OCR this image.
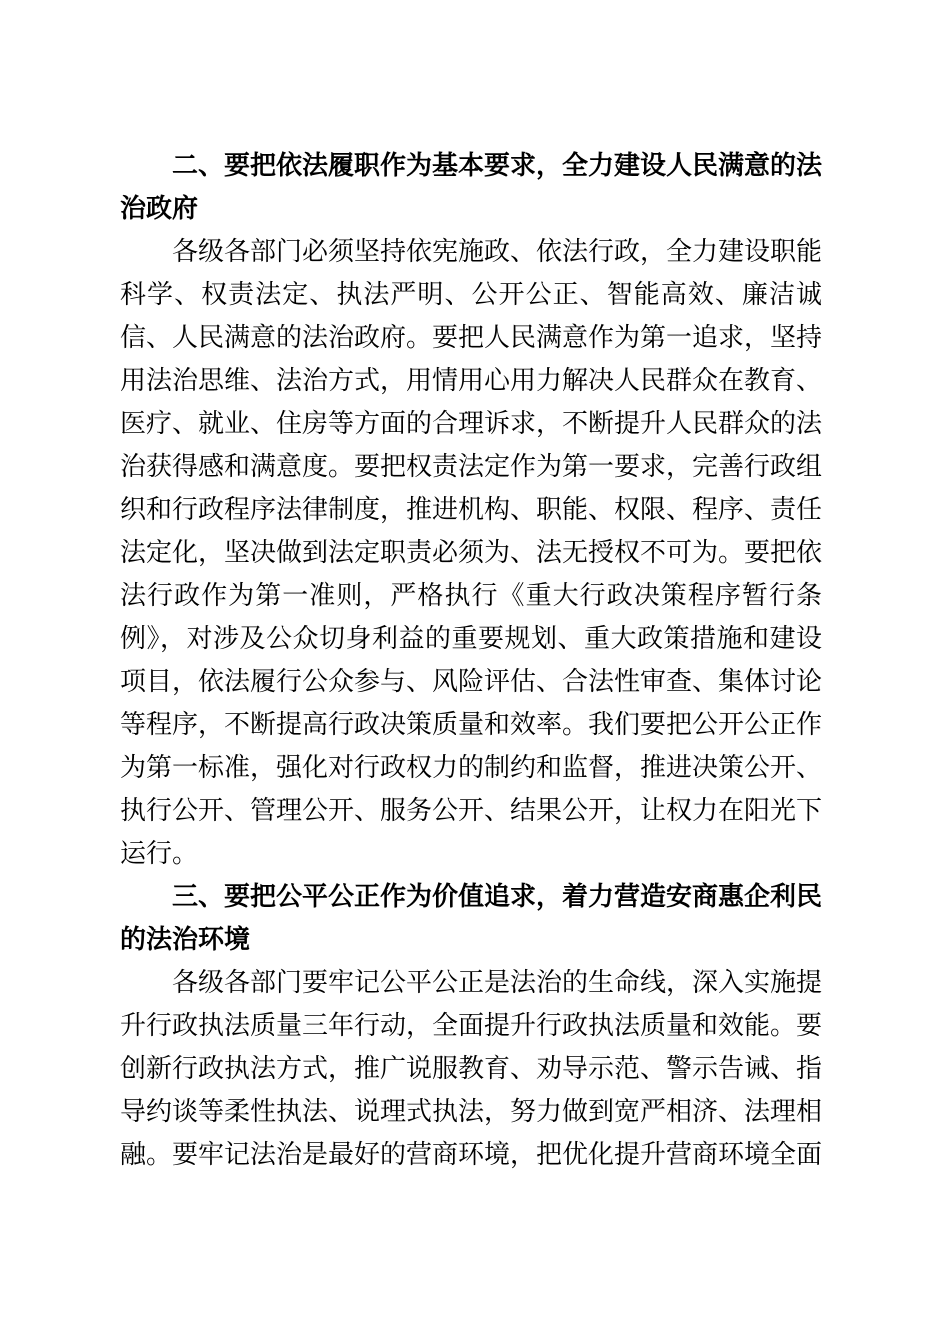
二、要把依法履职作为基本要求，全力建设人民满意的法治政府

各级各部门必须坚持依宪施政、依法行政，全力建设职能科学、权责法定、执法严明、公开公正、智能高效、廉洁诚信、人民满意的法治政府。要把人民满意作为第一追求，坚持用法治思维、法治方式，用情用心用力解决人民群众在教育、医疗、就业、住房等方面的合理诉求，不断提升人民群众的法治获得感和满意度。要把权责法定作为第一要求，完善行政组织和行政程序法律制度，推进机构、职能、权限、程序、责任法定化，坚决做到法定职责必须为、法无授权不可为。要把依法行政作为第一准则，严格执行《重大行政决策程序暂行条例》，对涉及公众切身利益的重要规划、重大政策措施和建设项目，依法履行公众参与、风险评估、合法性审查、集体讨论等程序，不断提高行政决策质量和效率。我们要把公开公正作为第一标准，强化对行政权力的制约和监督，推进决策公开、执行公开、管理公开、服务公开、结果公开，让权力在阳光下运行。

三、要把公平公正作为价值追求，着力营造安商惠企利民的法治环境

各级各部门要牢记公平公正是法治的生命线，深入实施提升行政执法质量三年行动，全面提升行政执法质量和效能。要创新行政执法方式，推广说服教育、劝导示范、警示告诫、指导约谈等柔性执法、说理式执法，努力做到宽严相济、法理相融。要牢记法治是最好的营商环境，把优化提升营商环境全面
